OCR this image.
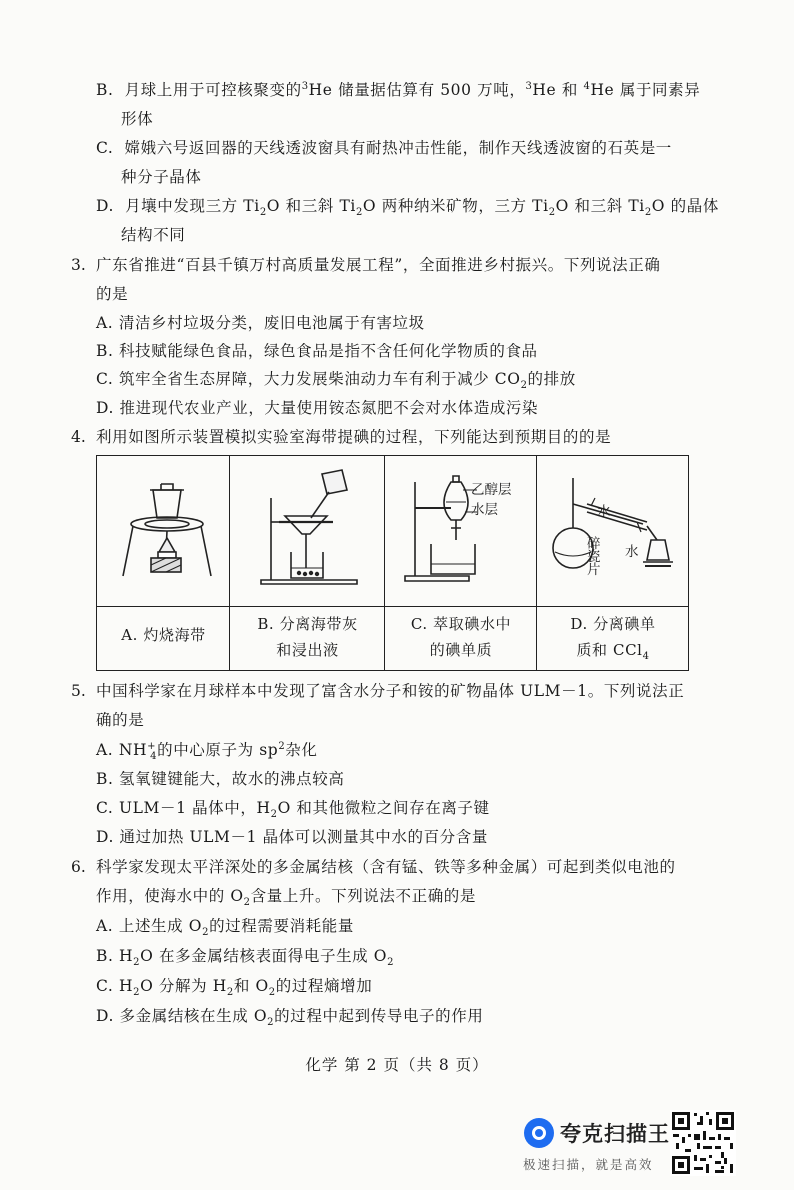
B. 月球上用于可控核聚变的$^3$He 储量据估算有 500 万吨，$^3$He 和 $^4$He 属于同素异
形体
C. 嫦娥六号返回器的天线透波窗具有耐热冲击性能，制作天线透波窗的石英是一
种分子晶体
D. 月壤中发现三方 $Ti_2O$ 和三斜 $Ti_2O$ 两种纳米矿物，三方 $Ti_2O$ 和三斜 $Ti_2O$ 的晶体
结构不同
3. 广东省推进“百县千镇万村高质量发展工程”，全面推进乡村振兴。下列说法正确
的是
A. 清洁乡村垃圾分类，废旧电池属于有害垃圾
B. 科技赋能绿色食品，绿色食品是指不含任何化学物质的食品
C. 筑牢全省生态屏障，大力发展柴油动力车有利于减少 $CO_2$的排放
D. 推进现代农业产业，大量使用铵态氮肥不会对水体造成污染
4. 利用如图所示装置模拟实验室海带提碘的过程，下列能达到预期目的的是
乙醇层
水层	水
水
碎
瓷
片
A. 灼烧海带
B. 分离海带灰
和浸出液
C. 萃取碘水中
的碘单质
D. 分离碘单
质和 CCl$_4$
5. 中国科学家在月球样本中发现了富含水分子和铵的矿物晶体 ULM－1。下列说法正
确的是
A. $NH^+_4$的中心原子为 $sp^2$杂化
B. 氢氧键键能大，故水的沸点较高
C. ULM－1 晶体中，$H_2O$ 和其他微粒之间存在离子键
D. 通过加热 ULM－1 晶体可以测量其中水的百分含量
6. 科学家发现太平洋深处的多金属结核（含有锰、铁等多种金属）可起到类似电池的
作用，使海水中的 $O_2$含量上升。下列说法不正确的是
A. 上述生成 $O_2$的过程需要消耗能量
B. $H_2O$ 在多金属结核表面得电子生成 $O_2$
C. $H_2O$ 分解为 $H_2$和 $O_2$的过程熵增加
D. 多金属结核在生成 $O_2$的过程中起到传导电子的作用
化学 第 2 页（共 8 页）
夸克扫描王
极速扫描，就是高效
